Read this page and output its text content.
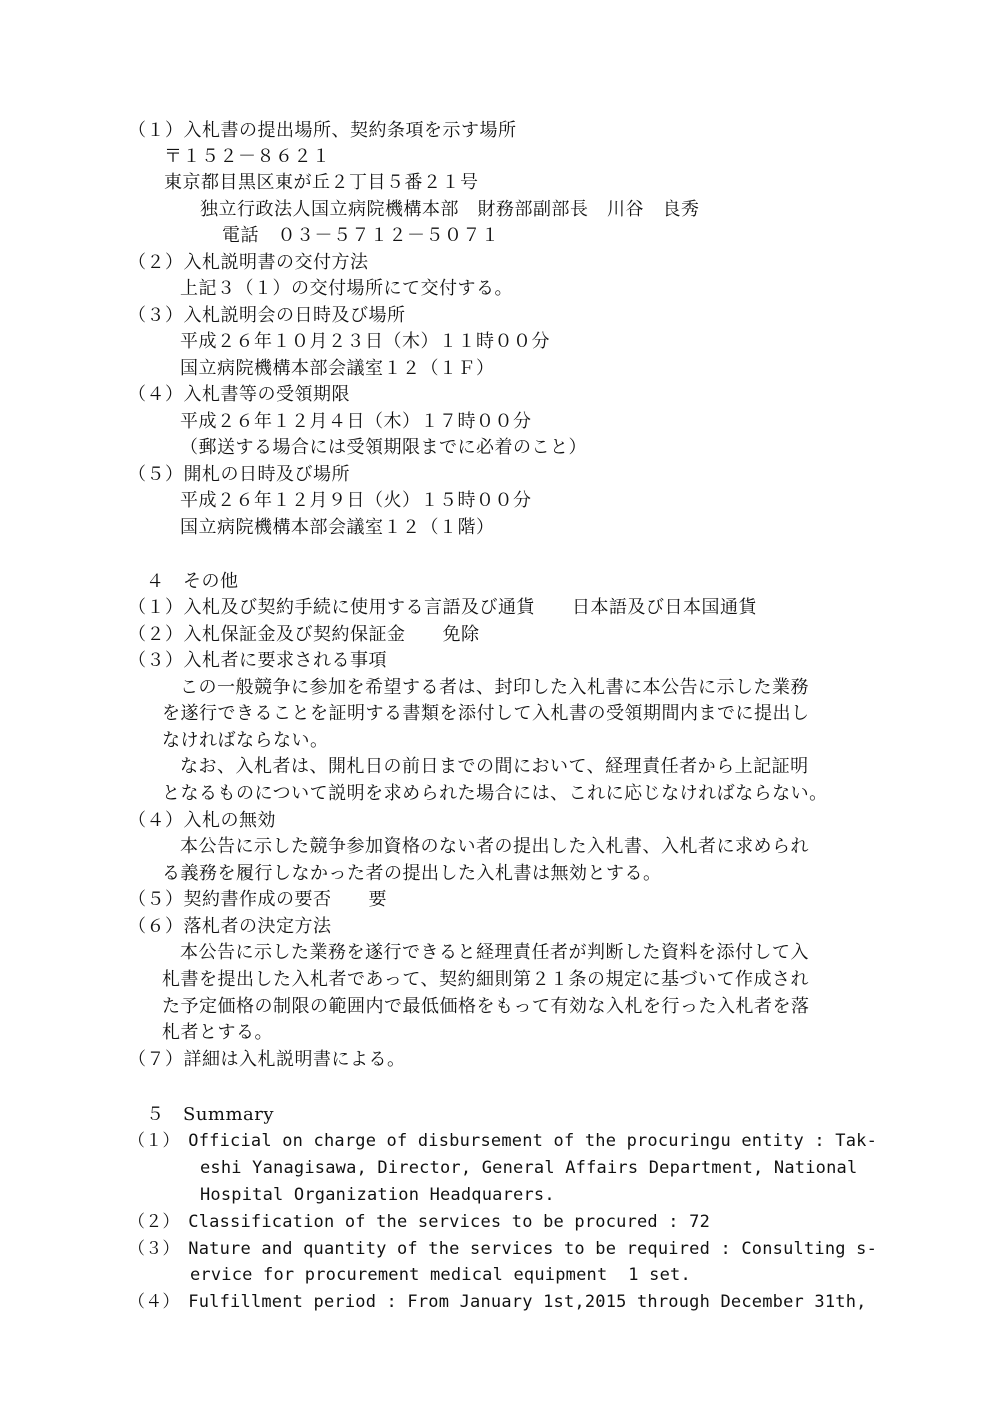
（１）入札書の提出場所、契約条項を示す場所
〒１５２－８６２１
東京都目黒区東が丘２丁目５番２１号
独立行政法人国立病院機構本部　財務部副部長　川谷　良秀
電話　０３－５７１２－５０７１
（２）入札説明書の交付方法
上記３（１）の交付場所にて交付する。
（３）入札説明会の日時及び場所
平成２６年１０月２３日（木）１１時００分
国立病院機構本部会議室１２（１Ｆ）
（４）入札書等の受領期限
平成２６年１２月４日（木）１７時００分
（郵送する場合には受領期限までに必着のこと）
（５）開札の日時及び場所
平成２６年１２月９日（火）１５時００分
国立病院機構本部会議室１２（１階）
４　その他
（１）入札及び契約手続に使用する言語及び通貨　　日本語及び日本国通貨
（２）入札保証金及び契約保証金　　免除
（３）入札者に要求される事項
この一般競争に参加を希望する者は、封印した入札書に本公告に示した業務
を遂行できることを証明する書類を添付して入札書の受領期間内までに提出し
なければならない。
なお、入札者は、開札日の前日までの間において、経理責任者から上記証明
となるものについて説明を求められた場合には、これに応じなければならない。
（４）入札の無効
本公告に示した競争参加資格のない者の提出した入札書、入札者に求められ
る義務を履行しなかった者の提出した入札書は無効とする。
（５）契約書作成の要否　　要
（６）落札者の決定方法
本公告に示した業務を遂行できると経理責任者が判断した資料を添付して入
札書を提出した入札者であって、契約細則第２１条の規定に基づいて作成され
た予定価格の制限の範囲内で最低価格をもって有効な入札を行った入札者を落
札者とする。
（７）詳細は入札説明書による。
５　Summary
（１）　Official on charge of disbursement of the procuringu entity : Tak-
eshi Yanagisawa, Director, General Affairs Department, National
Hospital Organization Headquarers.
（２）　Classification of the services to be procured : 72
（３）　Nature and quantity of the services to be required : Consulting s-
ervice for procurement medical equipment  1 set.
（４）　Fulfillment period : From January 1st,2015 through December 31th,
